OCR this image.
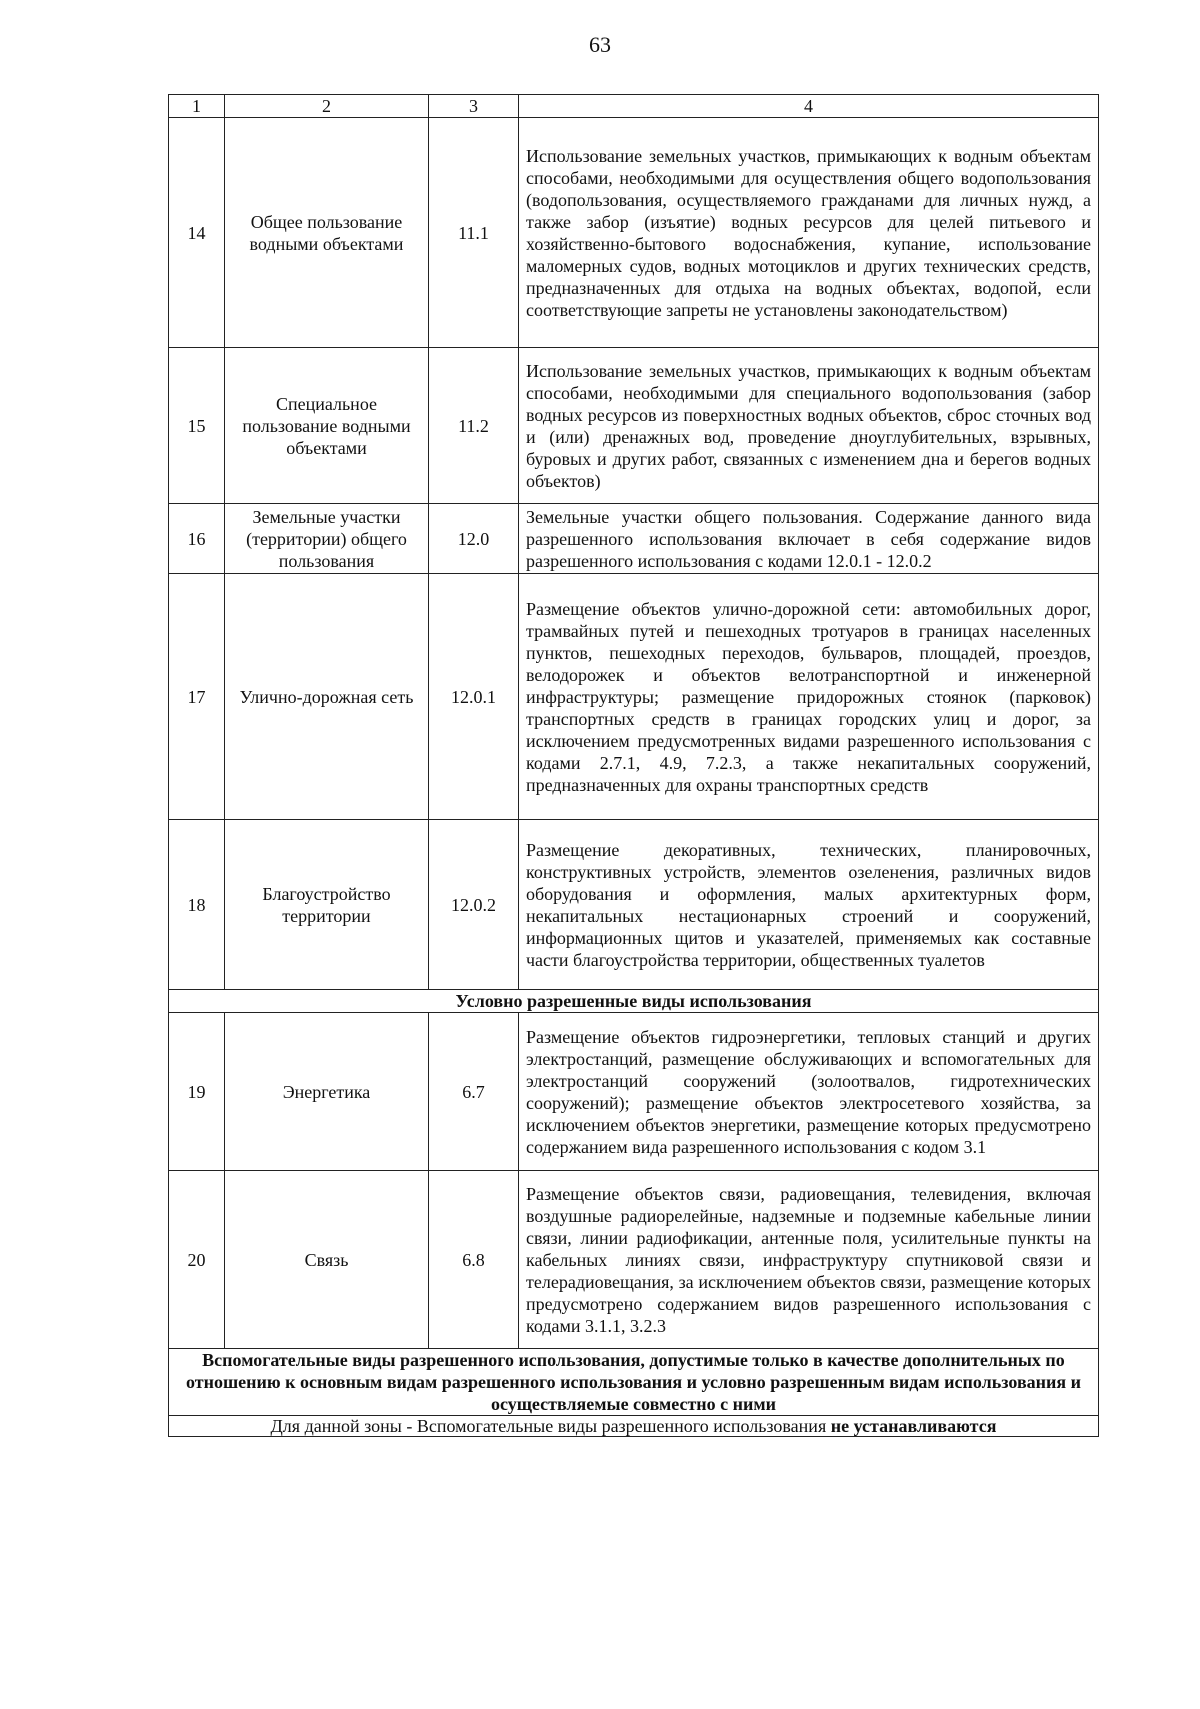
63
1	2	3	4
14	Общее пользование водными объектами	11.1	Использование земельных участков, примыкающих к водным объектам способами, необходимыми для осуществления общего водопользования (водопользования, осуществляемого гражданами для личных нужд, а также забор (изъятие) водных ресурсов для целей питьевого и хозяйственно-бытового водоснабжения, купание, использование маломерных судов, водных мотоциклов и других технических средств, предназначенных для отдыха на водных объектах, водопой, если соответствующие запреты не установлены законодательством)

15	Специальное пользование водными объектами	11.2	Использование земельных участков, примыкающих к водным объектам способами, необходимыми для специального водопользования (забор водных ресурсов из поверхностных водных объектов, сброс сточных вод и (или) дренажных вод, проведение дноуглубительных, взрывных, буровых и других работ, связанных с изменением дна и берегов водных объектов)

16	Земельные участки (территории) общего пользования	12.0	Земельные участки общего пользования. Содержание данного вида разрешенного использования включает в себя содержание видов разрешенного использования с кодами 12.0.1 - 12.0.2

17	Улично-дорожная сеть	12.0.1	Размещение объектов улично-дорожной сети: автомобильных дорог, трамвайных путей и пешеходных тротуаров в границах населенных пунктов, пешеходных переходов, бульваров, площадей, проездов, велодорожек и объектов велотранспортной и инженерной инфраструктуры; размещение придорожных стоянок (парковок) транспортных средств в границах городских улиц и дорог, за исключением предусмотренных видами разрешенного использования с кодами 2.7.1, 4.9, 7.2.3, а также некапитальных сооружений, предназначенных для охраны транспортных средств

18	Благоустройство территории	12.0.2	Размещение декоративных, технических, планировочных, конструктивных устройств, элементов озеленения, различных видов оборудования и оформления, малых архитектурных форм, некапитальных нестационарных строений и сооружений, информационных щитов и указателей, применяемых как составные части благоустройства территории, общественных туалетов

Условно разрешенные виды использования			
19	Энергетика	6.7	Размещение объектов гидроэнергетики, тепловых станций и других электростанций, размещение обслуживающих и вспомогательных для электростанций сооружений (золоотвалов, гидротехнических сооружений); размещение объектов электросетевого хозяйства, за исключением объектов энергетики, размещение которых предусмотрено содержанием вида разрешенного использования с кодом 3.1

20	Связь	6.8	Размещение объектов связи, радиовещания, телевидения, включая воздушные радиорелейные, надземные и подземные кабельные линии связи, линии радиофикации, антенные поля, усилительные пункты на кабельных линиях связи, инфраструктуру спутниковой связи и телерадиовещания, за исключением объектов связи, размещение которых предусмотрено содержанием видов разрешенного использования с кодами 3.1.1, 3.2.3

Вспомогательные виды разрешенного использования, допустимые только в качестве дополнительных по отношению к основным видам разрешенного использования и условно разрешенным видам использования и осуществляемые совместно с ними			
Для данной зоны - Вспомогательные виды разрешенного использования не устанавливаются			
